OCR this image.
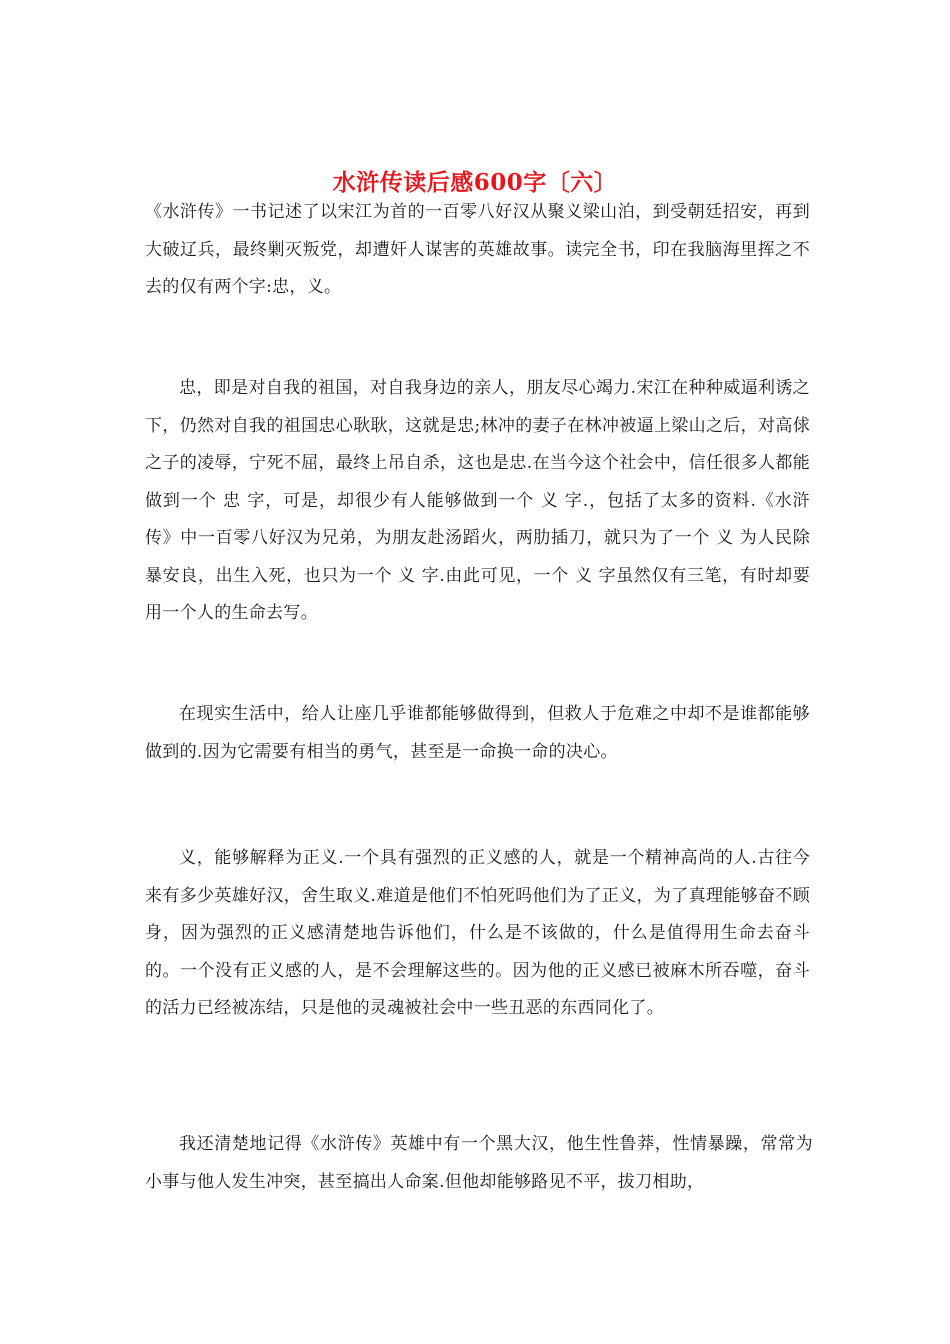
水浒传读后感600字〔六〕

《水浒传》一书记述了以宋江为首的一百零八好汉从聚义梁山泊，到受朝廷招安，再到大破辽兵，最终剿灭叛党，却遭奸人谋害的英雄故事。读完全书，印在我脑海里挥之不去的仅有两个字:忠，义。

忠，即是对自我的祖国，对自我身边的亲人，朋友尽心竭力.宋江在种种威逼利诱之下，仍然对自我的祖国忠心耿耿，这就是忠;林冲的妻子在林冲被逼上梁山之后，对高俅之子的凌辱，宁死不屈，最终上吊自杀，这也是忠.在当今这个社会中，信任很多人都能做到一个 忠 字，可是，却很少有人能够做到一个 义 字.，包括了太多的资料.《水浒传》中一百零八好汉为兄弟，为朋友赴汤蹈火，两肋插刀，就只为了一个 义 为人民除暴安良，出生入死，也只为一个 义 字.由此可见，一个 义 字虽然仅有三笔，有时却要用一个人的生命去写。

在现实生活中，给人让座几乎谁都能够做得到，但救人于危难之中却不是谁都能够做到的.因为它需要有相当的勇气，甚至是一命换一命的决心。

义，能够解释为正义.一个具有强烈的正义感的人，就是一个精神高尚的人.古往今来有多少英雄好汉，舍生取义.难道是他们不怕死吗他们为了正义，为了真理能够奋不顾身，因为强烈的正义感清楚地告诉他们，什么是不该做的，什么是值得用生命去奋斗的。一个没有正义感的人，是不会理解这些的。因为他的正义感已被麻木所吞噬，奋斗的活力已经被冻结，只是他的灵魂被社会中一些丑恶的东西同化了。

我还清楚地记得《水浒传》英雄中有一个黑大汉，他生性鲁莽，性情暴躁，常常为小事与他人发生冲突，甚至搞出人命案.但他却能够路见不平，拔刀相助，
